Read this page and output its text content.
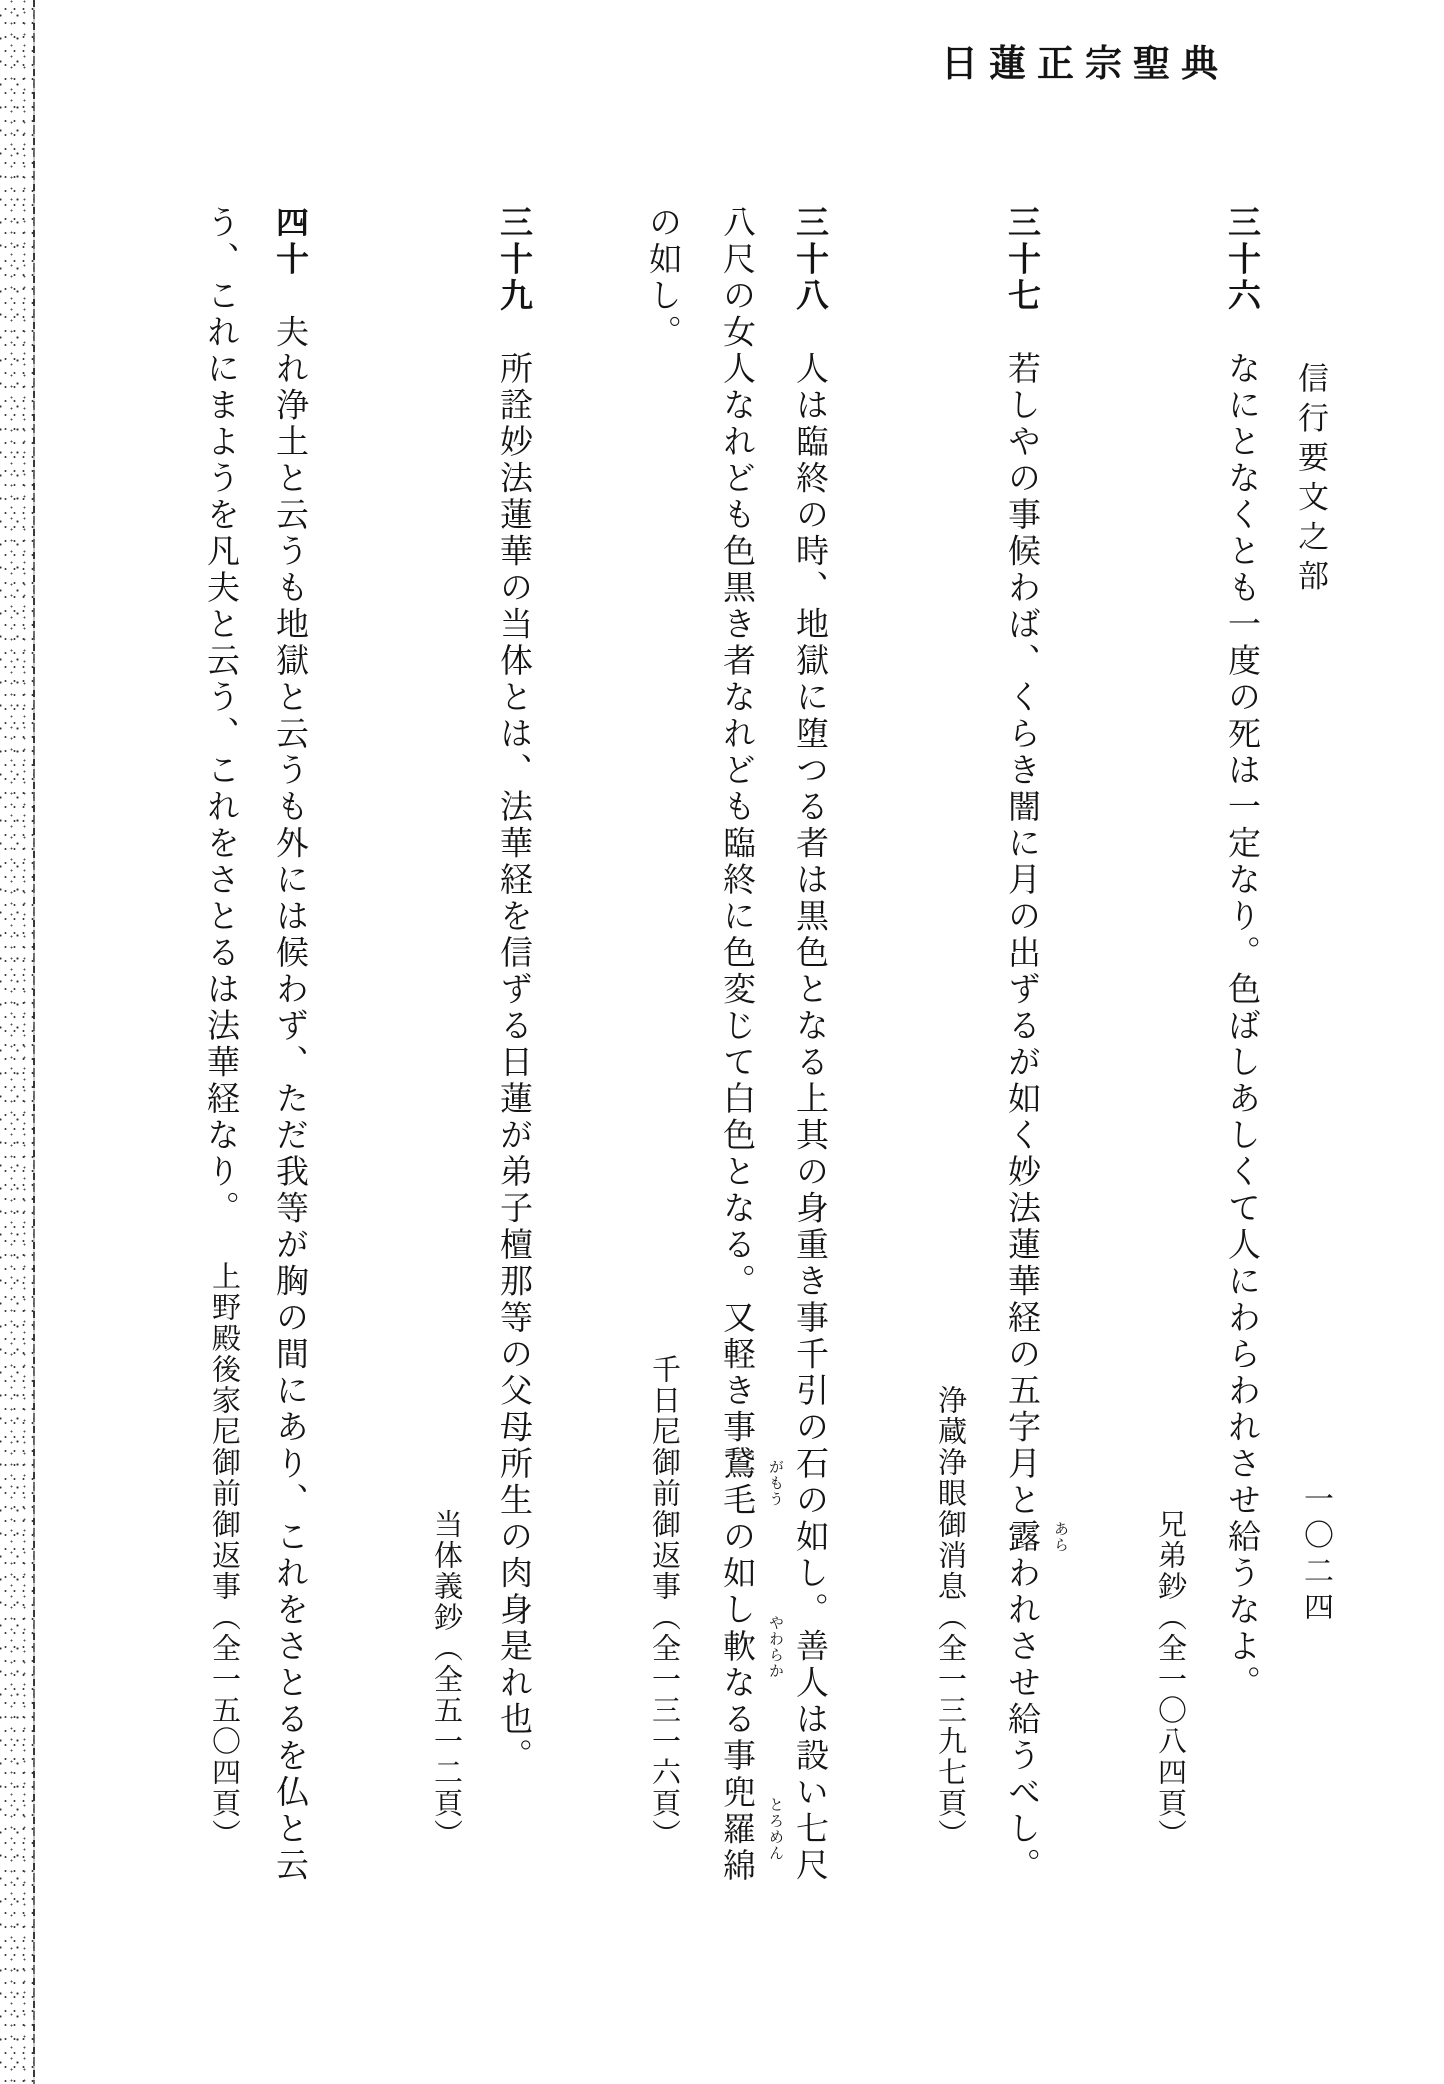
日蓮正宗聖典
信行要文之部
一〇二四
三十六　なにとなくとも一度の死は一定なり。色ばしあしくて人にわらわれさせ給うなよ。
兄弟鈔（全一〇八四頁）
三十七　若しやの事候わば、くらき闇に月の出ずるが如く妙法蓮華経の五字月と露 あら
われさせ給うべし。
浄蔵浄眼御消息（全一三九七頁）
三十八　人は臨終の時、地獄に堕つる者は黒色となる上其の身重き事千引の石の如し。善人は設い七尺
八尺の女人なれども色黒き者なれども臨終に色変じて白色となる。又軽き事鵞毛 がもう
の如し軟 やわらか
なる事兜羅綿 とろめん
の如し。
千日尼御前御返事（全一三一六頁）
三十九　所詮妙法蓮華の当体とは、法華経を信ずる日蓮が弟子檀那等の父母所生の肉身是れ也。
当体義鈔（全五一二頁）
四十　夫れ浄土と云うも地獄と云うも外には候わず、ただ我等が胸の間にあり、これをさとるを仏と云
う、これにまようを凡夫と云う、これをさとるは法華経なり。
上野殿後家尼御前御返事（全一五〇四頁）
